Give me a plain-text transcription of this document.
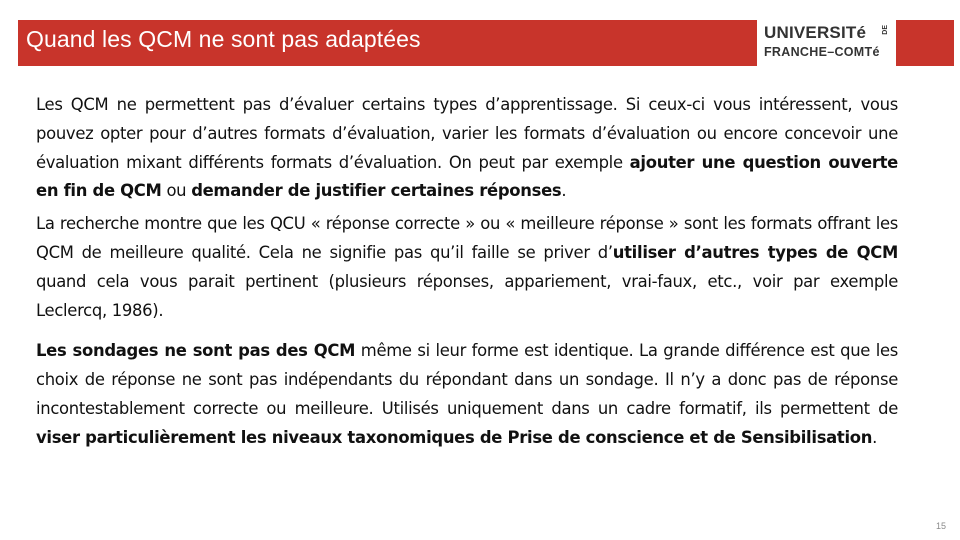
Quand les QCM ne sont pas adaptées	UNIVERSITé
FRANCHE–COMTé
DE

Les QCM ne permettent pas d’évaluer certains types d’apprentissage. Si ceux-ci vous intéressent, vous pouvez opter pour d’autres formats d’évaluation, varier les formats d’évaluation ou encore concevoir une évaluation mixant différents formats d’évaluation. On peut par exemple ajouter une question ouverte en fin de QCM ou demander de justifier certaines réponses.

La recherche montre que les QCU « réponse correcte » ou « meilleure réponse » sont les formats offrant les QCM de meilleure qualité. Cela ne signifie pas qu’il faille se priver d’utiliser d’autres types de QCM quand cela vous parait pertinent (plusieurs réponses, appariement, vrai-faux, etc., voir par exemple Leclercq, 1986).

Les sondages ne sont pas des QCM même si leur forme est identique. La grande différence est que les choix de réponse ne sont pas indépendants du répondant dans un sondage. Il n’y a donc pas de réponse incontestablement correcte ou meilleure. Utilisés uniquement dans un cadre formatif, ils permettent de viser particulièrement les niveaux taxonomiques de Prise de conscience et de Sensibilisation.

15
